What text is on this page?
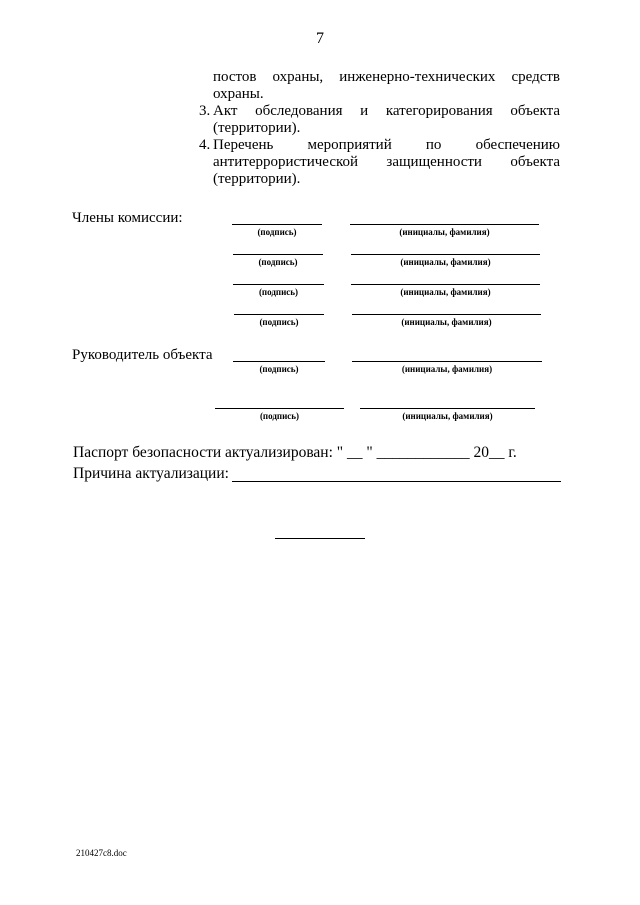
7
постов охраны, инженерно-технических средств
охраны.
3. Акт обследования и категорирования объекта
(территории).
4. Перечень мероприятий по обеспечению
антитеррористической защищенности объекта
(территории).
Члены комиссии:
(подпись)	(инициалы, фамилия)
(подпись)	(инициалы, фамилия)
(подпись)	(инициалы, фамилия)
(подпись)	(инициалы, фамилия)
Руководитель объекта
(подпись)	(инициалы, фамилия)
(подпись)	(инициалы, фамилия)
Паспорт безопасности актуализирован: " __ " ____________ 20__ г.
Причина актуализации:
210427c8.doc
